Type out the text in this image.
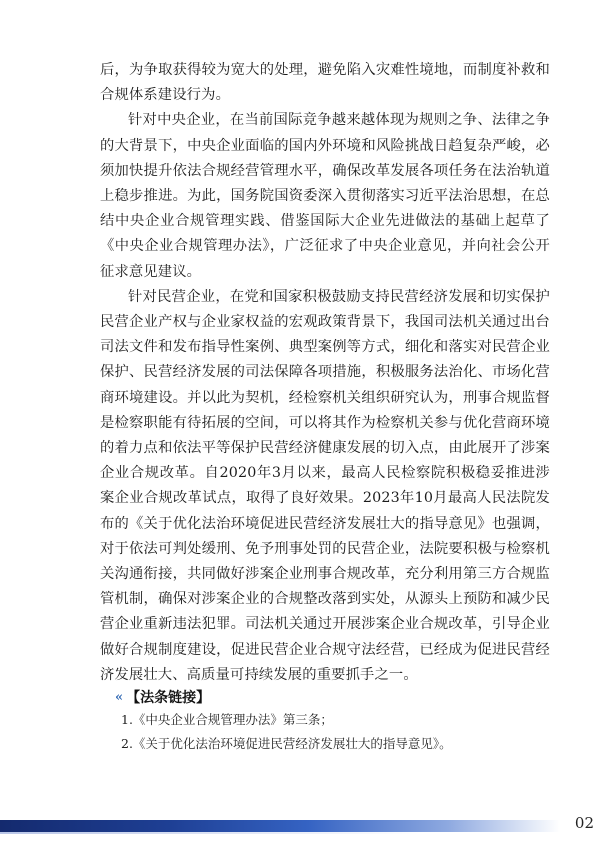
后，为争取获得较为宽大的处理，避免陷入灾难性境地，而制度补救和合规体系建设行为。

针对中央企业，在当前国际竞争越来越体现为规则之争、法律之争的大背景下，中央企业面临的国内外环境和风险挑战日趋复杂严峻，必须加快提升依法合规经营管理水平，确保改革发展各项任务在法治轨道上稳步推进。为此，国务院国资委深入贯彻落实习近平法治思想，在总结中央企业合规管理实践、借鉴国际大企业先进做法的基础上起草了《中央企业合规管理办法》，广泛征求了中央企业意见，并向社会公开征求意见建议。

针对民营企业，在党和国家积极鼓励支持民营经济发展和切实保护民营企业产权与企业家权益的宏观政策背景下，我国司法机关通过出台司法文件和发布指导性案例、典型案例等方式，细化和落实对民营企业保护、民营经济发展的司法保障各项措施，积极服务法治化、市场化营商环境建设。并以此为契机，经检察机关组织研究认为，刑事合规监督是检察职能有待拓展的空间，可以将其作为检察机关参与优化营商环境的着力点和依法平等保护民营经济健康发展的切入点，由此展开了涉案企业合规改革。自2020年3月以来，最高人民检察院积极稳妥推进涉案企业合规改革试点，取得了良好效果。2023年10月最高人民法院发布的《关于优化法治环境促进民营经济发展壮大的指导意见》也强调，对于依法可判处缓刑、免予刑事处罚的民营企业，法院要积极与检察机关沟通衔接，共同做好涉案企业刑事合规改革，充分利用第三方合规监管机制，确保对涉案企业的合规整改落到实处，从源头上预防和减少民营企业重新违法犯罪。司法机关通过开展涉案企业合规改革，引导企业做好合规制度建设，促进民营企业合规守法经营，已经成为促进民营经济发展壮大、高质量可持续发展的重要抓手之一。

« 【法条链接】
1.《中央企业合规管理办法》第三条；
2.《关于优化法治环境促进民营经济发展壮大的指导意见》。
02
